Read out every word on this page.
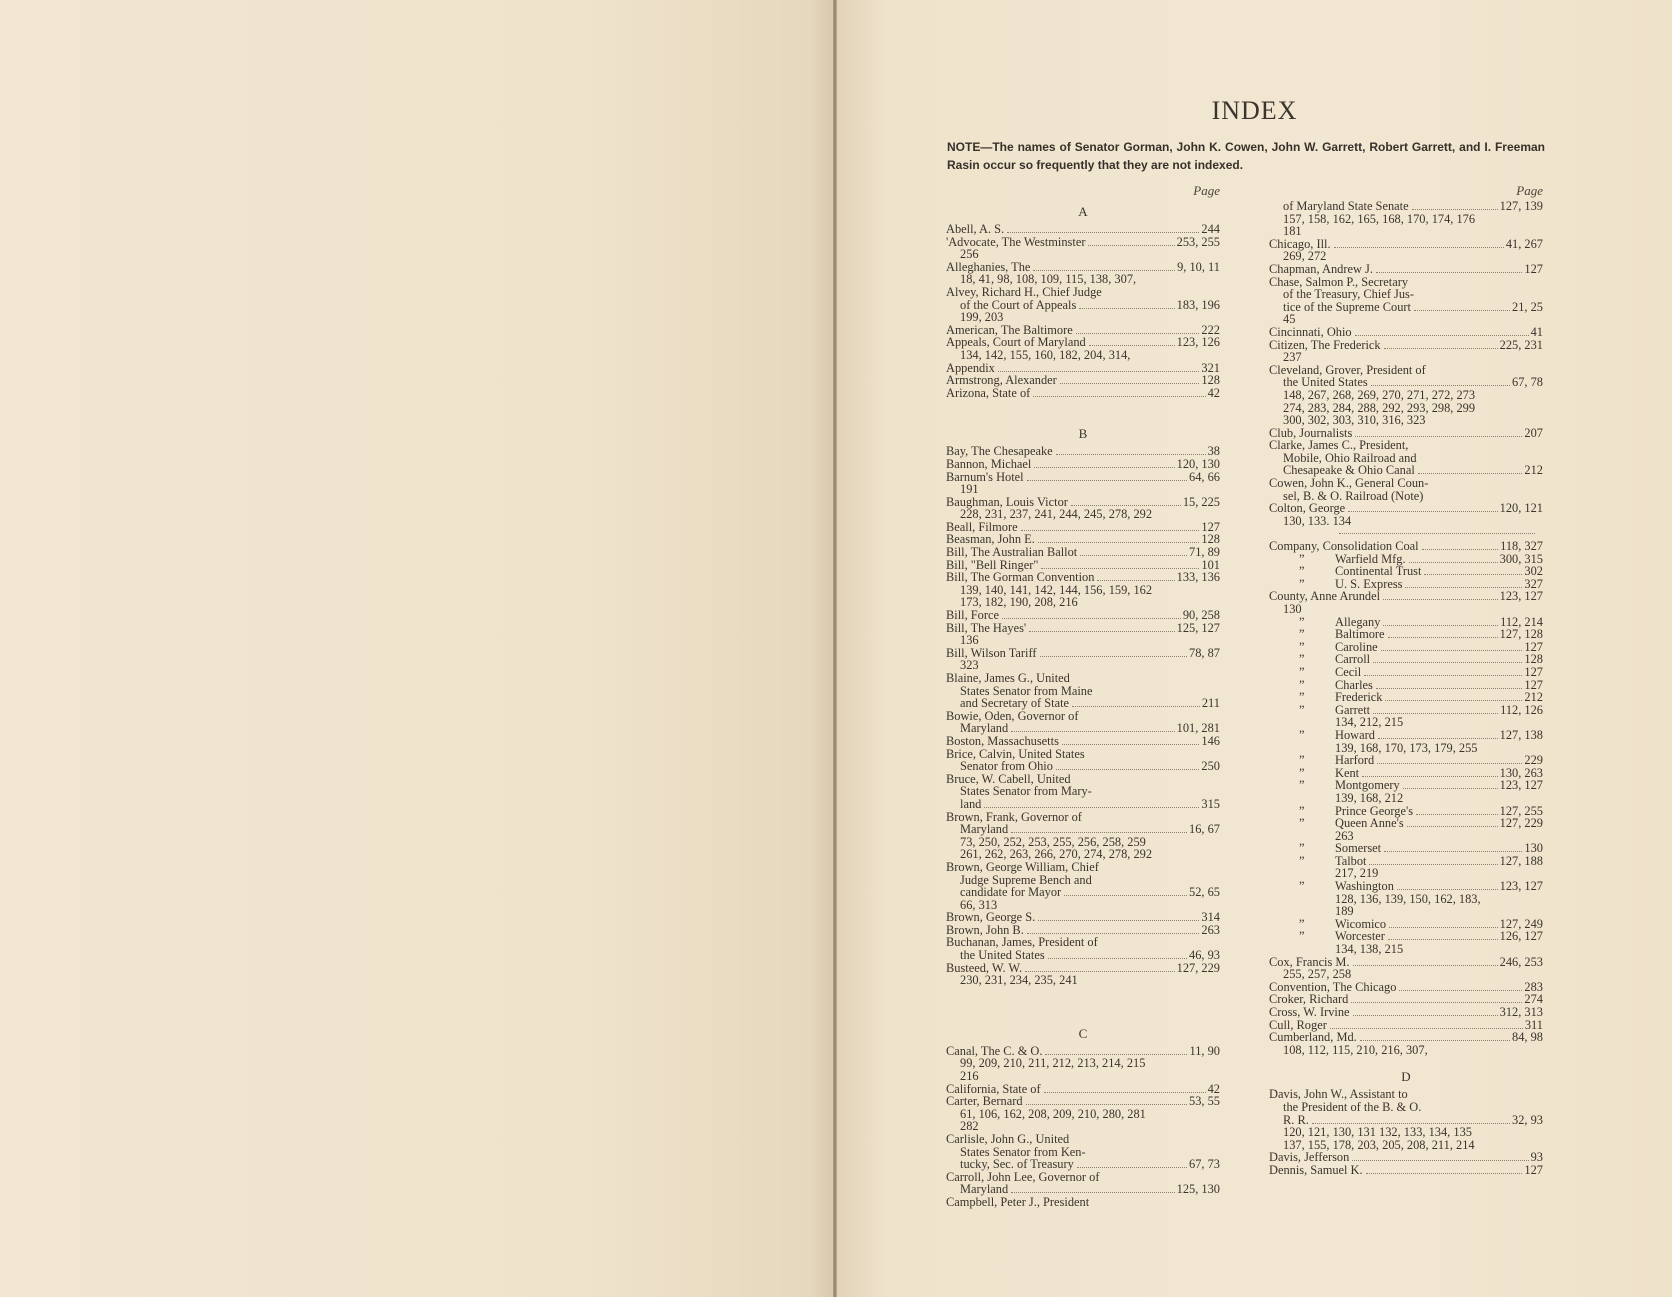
INDEX
NOTE—The names of Senator Gorman, John K. Cowen, John W. Garrett, Robert Garrett, and I. Freeman Rasin occur so frequently that they are not indexed.
Page
A
Abell, A. S.	244
'Advocate, The Westminster	253, 255
256
Alleghanies, The	9, 10, 11
18, 41, 98, 108, 109, 115, 138, 307,
Alvey, Richard H., Chief Judge
of the Court of Appeals	183, 196
199, 203
American, The Baltimore	222
Appeals, Court of Maryland	123, 126
134, 142, 155, 160, 182, 204, 314,
Appendix	321
Armstrong, Alexander	128
Arizona, State of	42
B
Bay, The Chesapeake	38
Bannon, Michael	120, 130
Barnum's Hotel	64, 66
191
Baughman, Louis Victor	15, 225
228, 231, 237, 241, 244, 245, 278, 292
Beall, Filmore	127
Beasman, John E.	128
Bill, The Australian Ballot	71, 89
Bill, "Bell Ringer"	101
Bill, The Gorman Convention	133, 136
139, 140, 141, 142, 144, 156, 159, 162
173, 182, 190, 208, 216
Bill, Force	90, 258
Bill, The Hayes'	125, 127
136
Bill, Wilson Tariff	78, 87
323
Blaine, James G., United
States Senator from Maine
and Secretary of State	211
Bowie, Oden, Governor of
Maryland	101, 281
Boston, Massachusetts	146
Brice, Calvin, United States
Senator from Ohio	250
Bruce, W. Cabell, United
States Senator from Mary-
land	315
Brown, Frank, Governor of
Maryland	16, 67
73, 250, 252, 253, 255, 256, 258, 259
261, 262, 263, 266, 270, 274, 278, 292
Brown, George William, Chief
Judge Supreme Bench and
candidate for Mayor	52, 65
66, 313
Brown, George S.	314
Brown, John B.	263
Buchanan, James, President of
the United States	46, 93
Busteed, W. W.	127, 229
230, 231, 234, 235, 241
C
Canal, The C. & O.	11, 90
99, 209, 210, 211, 212, 213, 214, 215
216
California, State of	42
Carter, Bernard	53, 55
61, 106, 162, 208, 209, 210, 280, 281
282
Carlisle, John G., United
States Senator from Ken-
tucky, Sec. of Treasury	67, 73
Carroll, John Lee, Governor of
Maryland	125, 130
Campbell, Peter J., President
Page
of Maryland State Senate	127, 139
157, 158, 162, 165, 168, 170, 174, 176
181
Chicago, Ill.	41, 267
269, 272
Chapman, Andrew J.	127
Chase, Salmon P., Secretary
of the Treasury, Chief Jus-
tice of the Supreme Court	21, 25
45
Cincinnati, Ohio	41
Citizen, The Frederick	225, 231
237
Cleveland, Grover, President of
the United States	67, 78
148, 267, 268, 269, 270, 271, 272, 273
274, 283, 284, 288, 292, 293, 298, 299
300, 302, 303, 310, 316, 323
Club, Journalists	207
Clarke, James C., President,
Mobile, Ohio Railroad and
Chesapeake & Ohio Canal	212
Cowen, John K., General Coun-
sel, B. & O. Railroad (Note)
Colton, George	120, 121
130, 133. 134
Company, Consolidation Coal	118, 327
”	Warfield Mfg.	300, 315
”	Continental Trust	302
”	U. S. Express	327
County, Anne Arundel	123, 127
130
”	Allegany	112, 214
”	Baltimore	127, 128
”	Caroline	127
”	Carroll	128
”	Cecil	127
”	Charles	127
”	Frederick	212
”	Garrett	112, 126
134, 212, 215
”	Howard	127, 138
139, 168, 170, 173, 179, 255
”	Harford	229
”	Kent	130, 263
”	Montgomery	123, 127
139, 168, 212
”	Prince George's	127, 255
”	Queen Anne's	127, 229
263
”	Somerset	130
”	Talbot	127, 188
217, 219
”	Washington	123, 127
128, 136, 139, 150, 162, 183,
189
”	Wicomico	127, 249
”	Worcester	126, 127
134, 138, 215
Cox, Francis M.	246, 253
255, 257, 258
Convention, The Chicago	283
Croker, Richard	274
Cross, W. Irvine	312, 313
Cull, Roger	311
Cumberland, Md.	84, 98
108, 112, 115, 210, 216, 307,
D
Davis, John W., Assistant to
the President of the B. & O.
R. R.	32, 93
120, 121, 130, 131 132, 133, 134, 135
137, 155, 178, 203, 205, 208, 211, 214
Davis, Jefferson	93
Dennis, Samuel K.	127
